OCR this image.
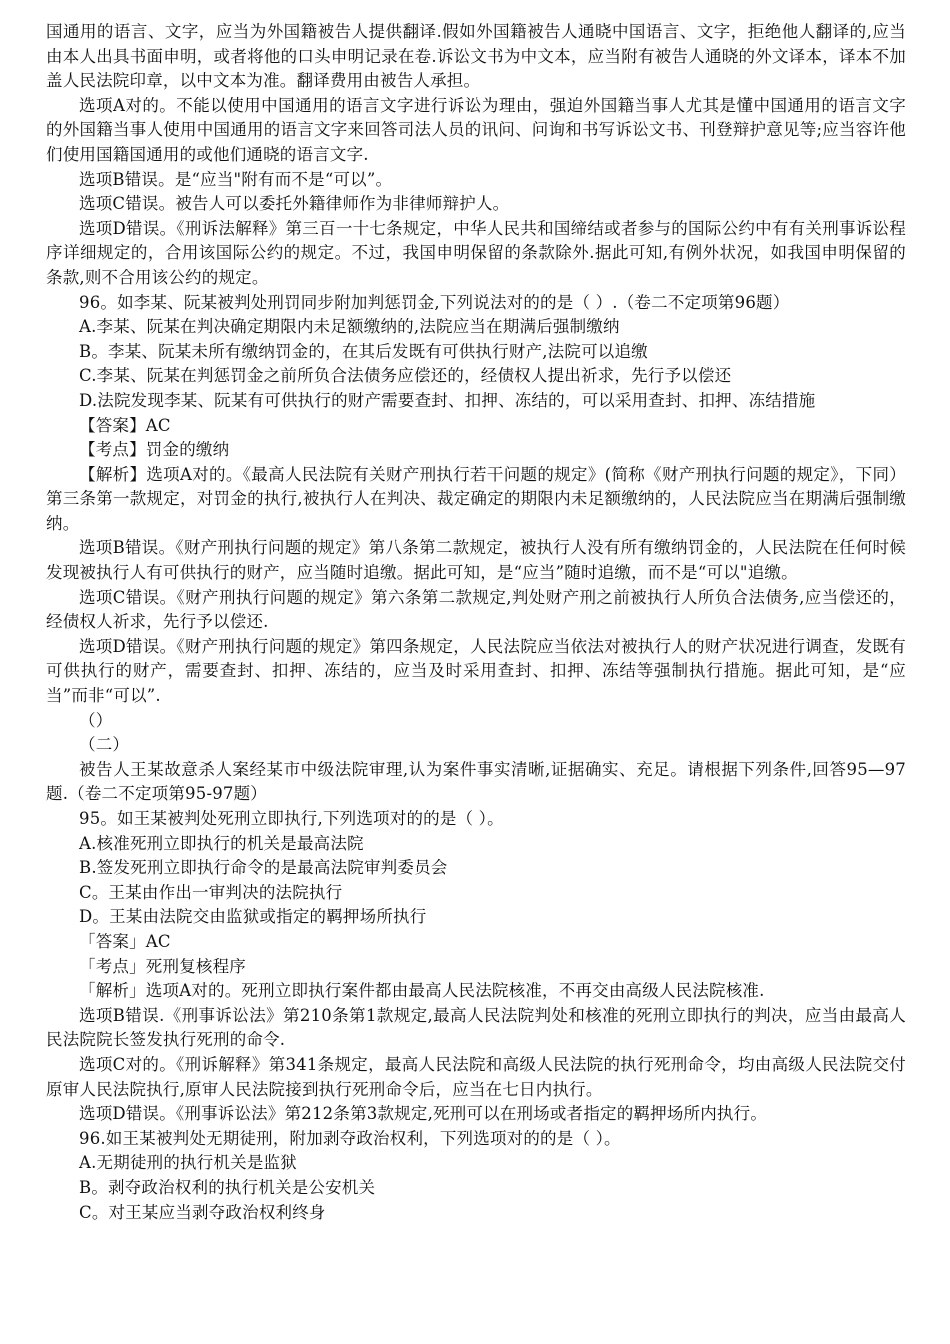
国通用的语言、文字，应当为外国籍被告人提供翻译.假如外国籍被告人通晓中国语言、文字，拒绝他人翻译的,应当由本人出具书面申明，或者将他的口头申明记录在卷.诉讼文书为中文本，应当附有被告人通晓的外文译本，译本不加盖人民法院印章，以中文本为准。翻译费用由被告人承担。

选项A对的。不能以使用中国通用的语言文字进行诉讼为理由，强迫外国籍当事人尤其是懂中国通用的语言文字的外国籍当事人使用中国通用的语言文字来回答司法人员的讯问、问询和书写诉讼文书、刊登辩护意见等;应当容许他们使用国籍国通用的或他们通晓的语言文字.

选项B错误。是“应当"附有而不是“可以”。

选项C错误。被告人可以委托外籍律师作为非律师辩护人。

选项D错误。《刑诉法解释》第三百一十七条规定，中华人民共和国缔结或者参与的国际公约中有有关刑事诉讼程序详细规定的，合用该国际公约的规定。不过，我国申明保留的条款除外.据此可知,有例外状况，如我国申明保留的条款,则不合用该公约的规定。

96。如李某、阮某被判处刑罚同步附加判惩罚金,下列说法对的的是（ ）.（卷二不定项第96题）

A.李某、阮某在判决确定期限内未足额缴纳的,法院应当在期满后强制缴纳

B。李某、阮某未所有缴纳罚金的，在其后发既有可供执行财产,法院可以追缴

C.李某、阮某在判惩罚金之前所负合法债务应偿还的，经债权人提出祈求，先行予以偿还

D.法院发现李某、阮某有可供执行的财产需要查封、扣押、冻结的，可以采用查封、扣押、冻结措施

【答案】AC

【考点】罚金的缴纳

【解析】选项A对的。《最高人民法院有关财产刑执行若干问题的规定》(简称《财产刑执行问题的规定》，下同）第三条第一款规定，对罚金的执行,被执行人在判决、裁定确定的期限内未足额缴纳的，人民法院应当在期满后强制缴纳。

选项B错误。《财产刑执行问题的规定》第八条第二款规定，被执行人没有所有缴纳罚金的，人民法院在任何时候发现被执行人有可供执行的财产，应当随时追缴。据此可知，是“应当”随时追缴，而不是“可以"追缴。

选项C错误。《财产刑执行问题的规定》第六条第二款规定,判处财产刑之前被执行人所负合法债务,应当偿还的，经债权人祈求，先行予以偿还.

选项D错误。《财产刑执行问题的规定》第四条规定，人民法院应当依法对被执行人的财产状况进行调查，发既有可供执行的财产，需要查封、扣押、冻结的，应当及时采用查封、扣押、冻结等强制执行措施。据此可知，是“应当”而非“可以”.

（）

（二）

被告人王某故意杀人案经某市中级法院审理,认为案件事实清晰,证据确实、充足。请根据下列条件,回答95—97题.（卷二不定项第95-97题）

95。如王某被判处死刑立即执行,下列选项对的的是（ ）。

A.核准死刑立即执行的机关是最高法院

B.签发死刑立即执行命令的是最高法院审判委员会

C。王某由作出一审判决的法院执行

D。王某由法院交由监狱或指定的羁押场所执行

「答案」AC

「考点」死刑复核程序

「解析」选项A对的。死刑立即执行案件都由最高人民法院核准，不再交由高级人民法院核准.

选项B错误.《刑事诉讼法》第210条第1款规定,最高人民法院判处和核准的死刑立即执行的判决，应当由最高人民法院院长签发执行死刑的命令.

选项C对的。《刑诉解释》第341条规定，最高人民法院和高级人民法院的执行死刑命令，均由高级人民法院交付原审人民法院执行,原审人民法院接到执行死刑命令后，应当在七日内执行。

选项D错误。《刑事诉讼法》第212条第3款规定,死刑可以在刑场或者指定的羁押场所内执行。

96.如王某被判处无期徒刑，附加剥夺政治权利，下列选项对的的是（ ）。

A.无期徒刑的执行机关是监狱

B。剥夺政治权利的执行机关是公安机关

C。对王某应当剥夺政治权利终身
